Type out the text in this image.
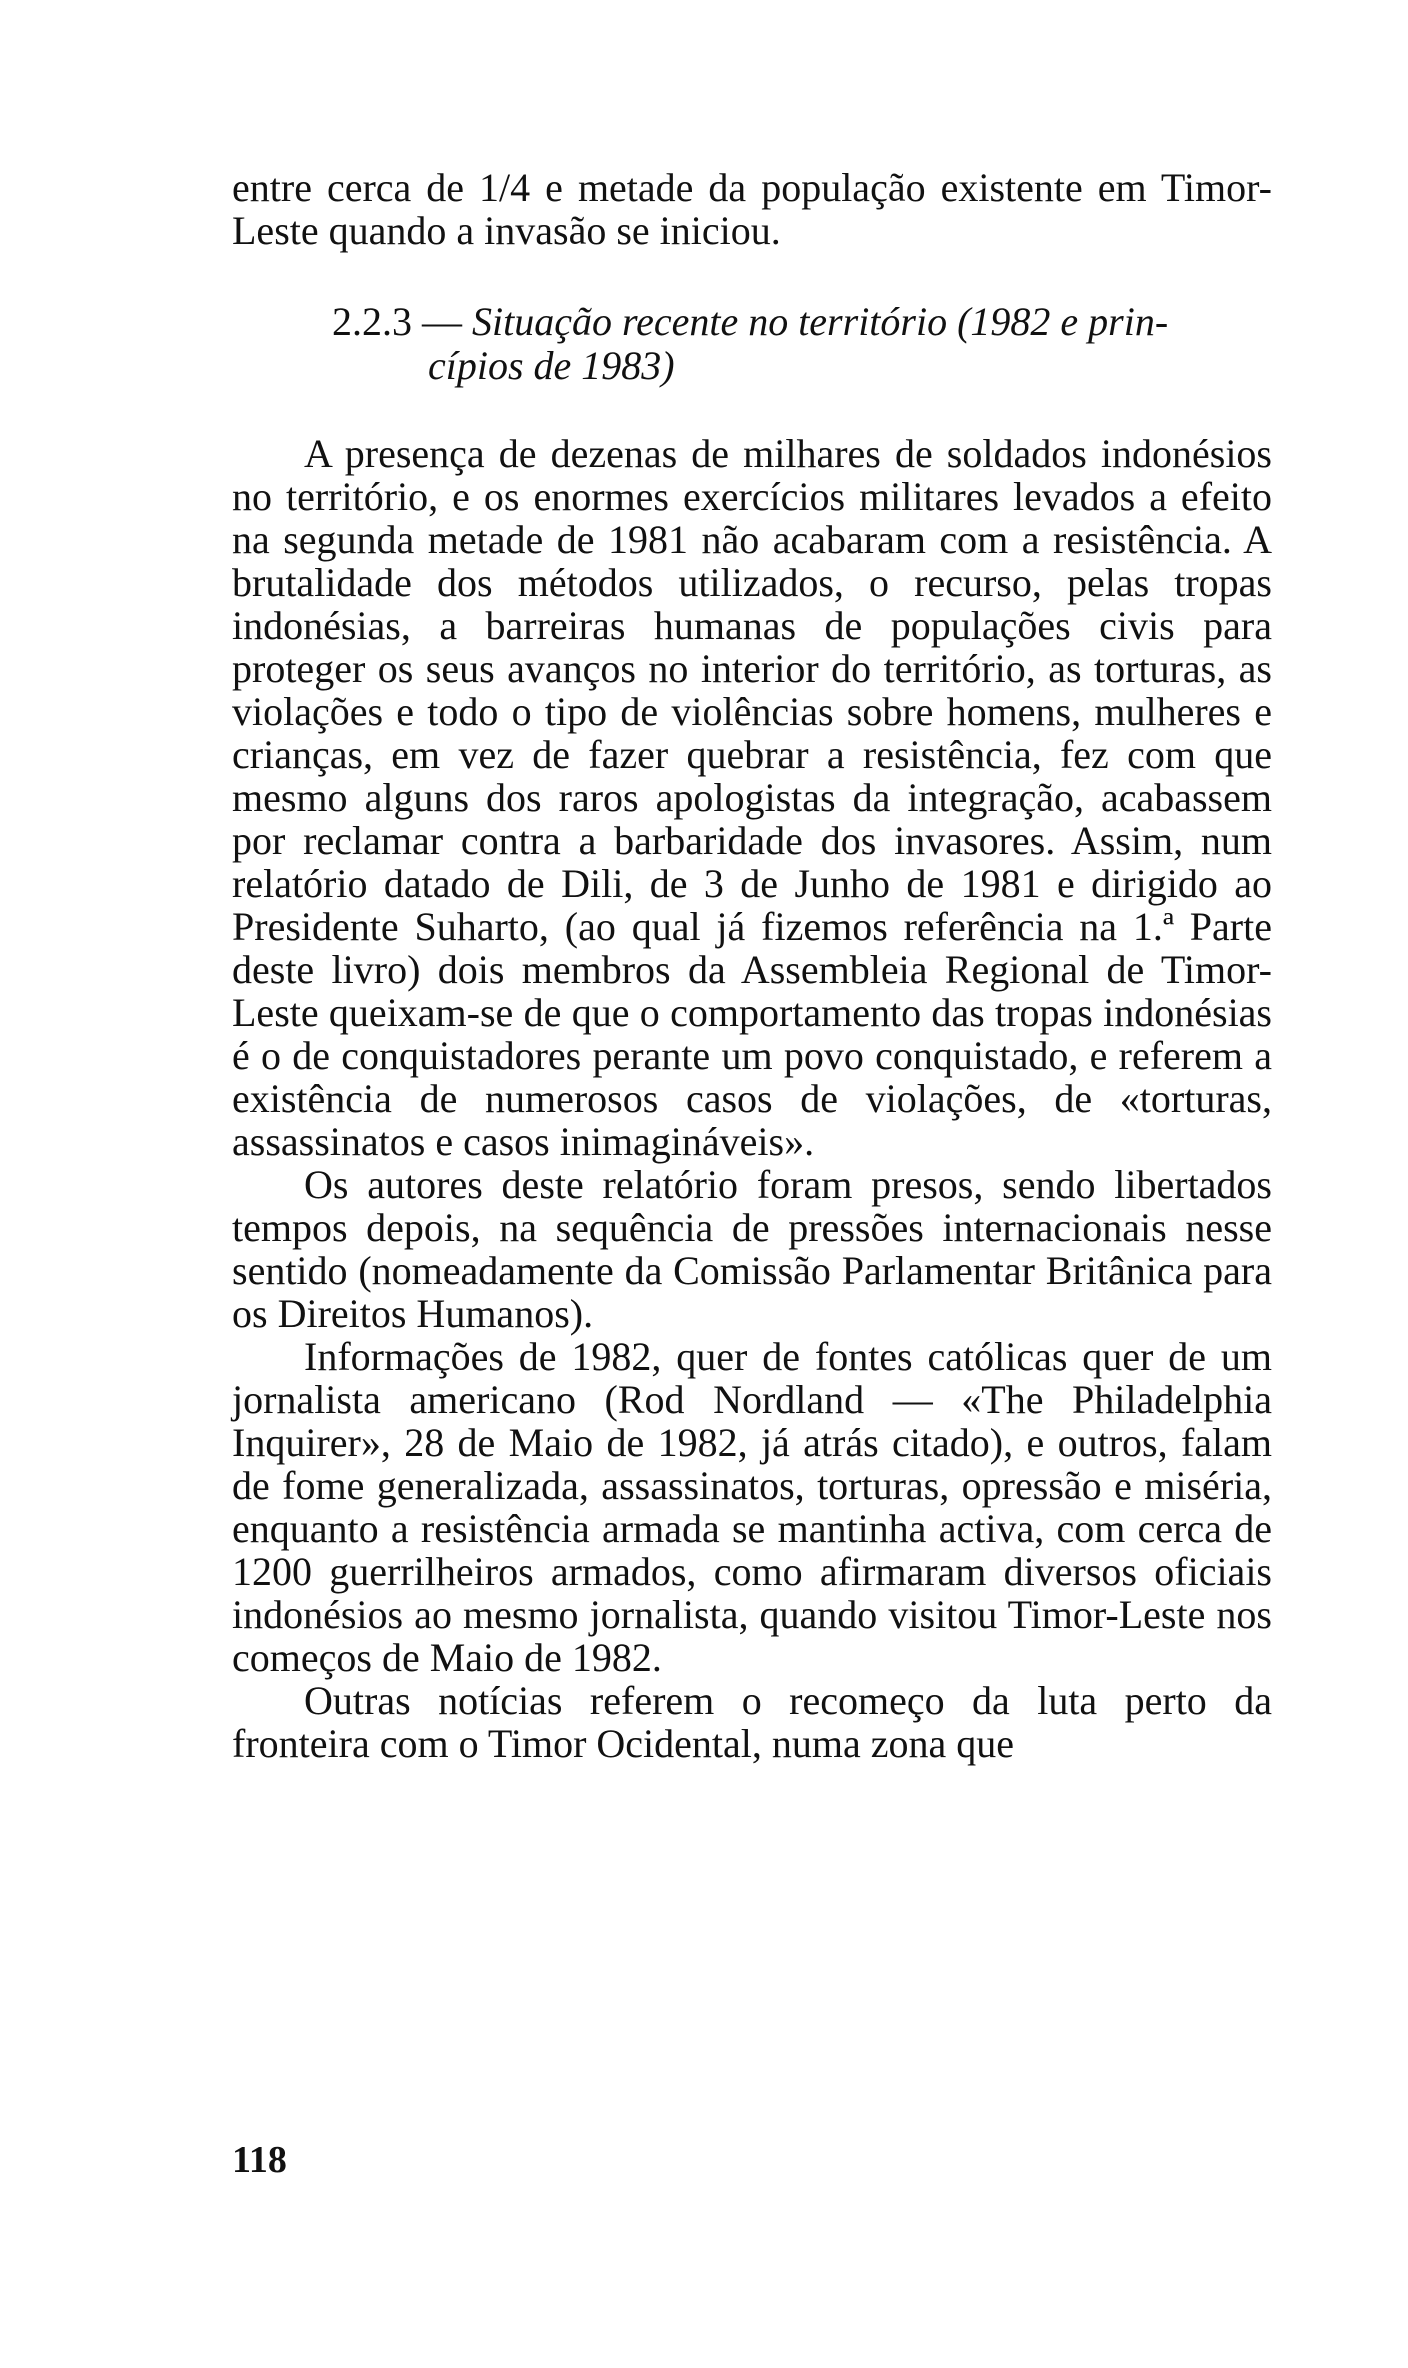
entre cerca de 1/4 e metade da população existente em Timor-Leste quando a invasão se iniciou.

2.2.3 — Situação recente no território (1982 e prin-
cípios de 1983)

A presença de dezenas de milhares de soldados indonésios no território, e os enormes exercícios militares levados a efeito na segunda metade de 1981 não acabaram com a resistência. A brutalidade dos métodos utilizados, o recurso, pelas tropas indonésias, a barreiras humanas de populações civis para proteger os seus avanços no interior do território, as torturas, as violações e todo o tipo de violências sobre homens, mulheres e crianças, em vez de fazer quebrar a resistência, fez com que mesmo alguns dos raros apologistas da integração, acabassem por reclamar contra a barbaridade dos invasores. Assim, num relatório datado de Dili, de 3 de Junho de 1981 e dirigido ao Presidente Suharto, (ao qual já fizemos referência na 1.ª Parte deste livro) dois membros da Assembleia Regional de Timor-Leste queixam-se de que o comportamento das tropas indonésias é o de conquistadores perante um povo conquistado, e referem a existência de numerosos casos de violações, de «torturas, assassinatos e casos inimagináveis».

Os autores deste relatório foram presos, sendo libertados tempos depois, na sequência de pressões internacionais nesse sentido (nomeadamente da Comissão Parlamentar Britânica para os Direitos Humanos).

Informações de 1982, quer de fontes católicas quer de um jornalista americano (Rod Nordland — «The Philadelphia Inquirer», 28 de Maio de 1982, já atrás citado), e outros, falam de fome generalizada, assassinatos, torturas, opressão e miséria, enquanto a resistência armada se mantinha activa, com cerca de 1200 guerrilheiros armados, como afirmaram diversos oficiais indonésios ao mesmo jornalista, quando visitou Timor-Leste nos começos de Maio de 1982.

Outras notícias referem o recomeço da luta perto da fronteira com o Timor Ocidental, numa zona que

118
